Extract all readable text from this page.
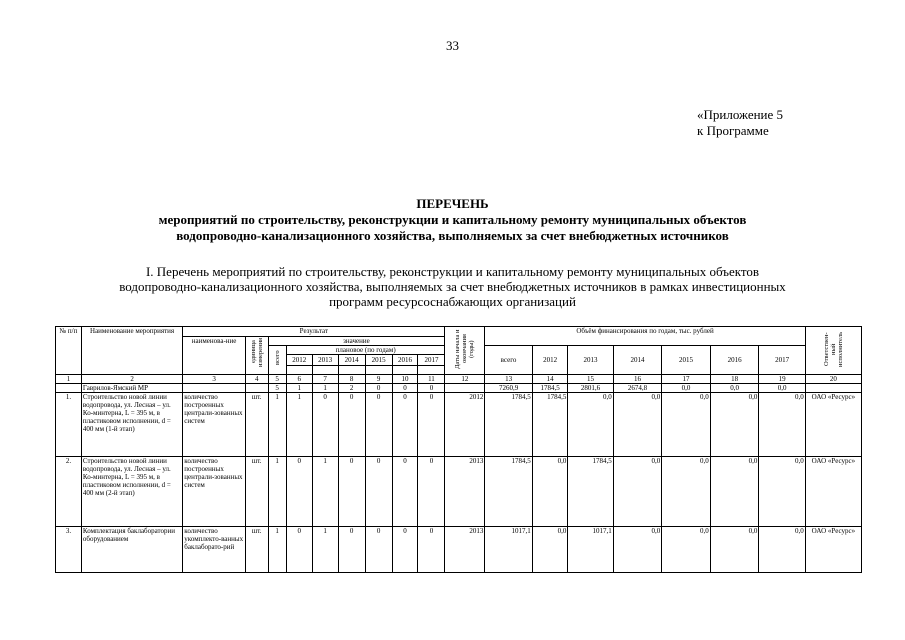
33
«Приложение 5
к Программе
ПЕРЕЧЕНЬ
мероприятий по строительству, реконструкции и капитальному ремонту муниципальных объектов
водопроводно-канализационного хозяйства, выполняемых за счет внебюджетных источников
I. Перечень мероприятий по строительству, реконструкции и капитальному ремонту муниципальных объектов
водопроводно-канализационного хозяйства, выполняемых за счет внебюджетных источников в рамках инвестиционных
программ ресурсоснабжающих организаций
№ п/п	Наименование мероприятия	Результат									Даты начала и окончания (годы)	Объём финансирования по годам, тыс. рублей							Ответствен-ный исполнитель

		наименова-ние	единица измерения	значение															

				всего	плановое (по годам)							всего	2012	2013	2014	2015	2016	2017	
					2012	2013	2014	2015	2016	2017									

1	2	3	4	5	6	7	8	9	10	11	12	13	14	15	16	17	18	19	20
	Гаврилов-Ямский МР			5	1	1	2	0	0	0		7260,9	1784,5	2801,6	2674,8	0,0	0,0	0,0	
1.	Строительство новой линии водопровода, ул. Лесная – ул. Ко-минтерна, L = 395 м, в пластиковом исполнении, d = 400 мм (1-й этап)	количество построенных централи-зованных систем	шт.	1	1	0	0	0	0	0	2012	1784,5	1784,5	0,0	0,0	0,0	0,0	0,0	ОАО «Ресурс»
2.	Строительство новой линии водопровода, ул. Лесная – ул. Ко-минтерна, L = 395 м, в пластиковом исполнении, d = 400 мм (2-й этап)	количество построенных централи-зованных систем	шт.	1	0	1	0	0	0	0	2013	1784,5	0,0	1784,5	0,0	0,0	0,0	0,0	ОАО «Ресурс»
3.	Комплектация баклаборатории оборудованием	количество укомплекто-ванных баклаборато-рий	шт.	1	0	1	0	0	0	0	2013	1017,1	0,0	1017,1	0,0	0,0	0,0	0,0	ОАО «Ресурс»
